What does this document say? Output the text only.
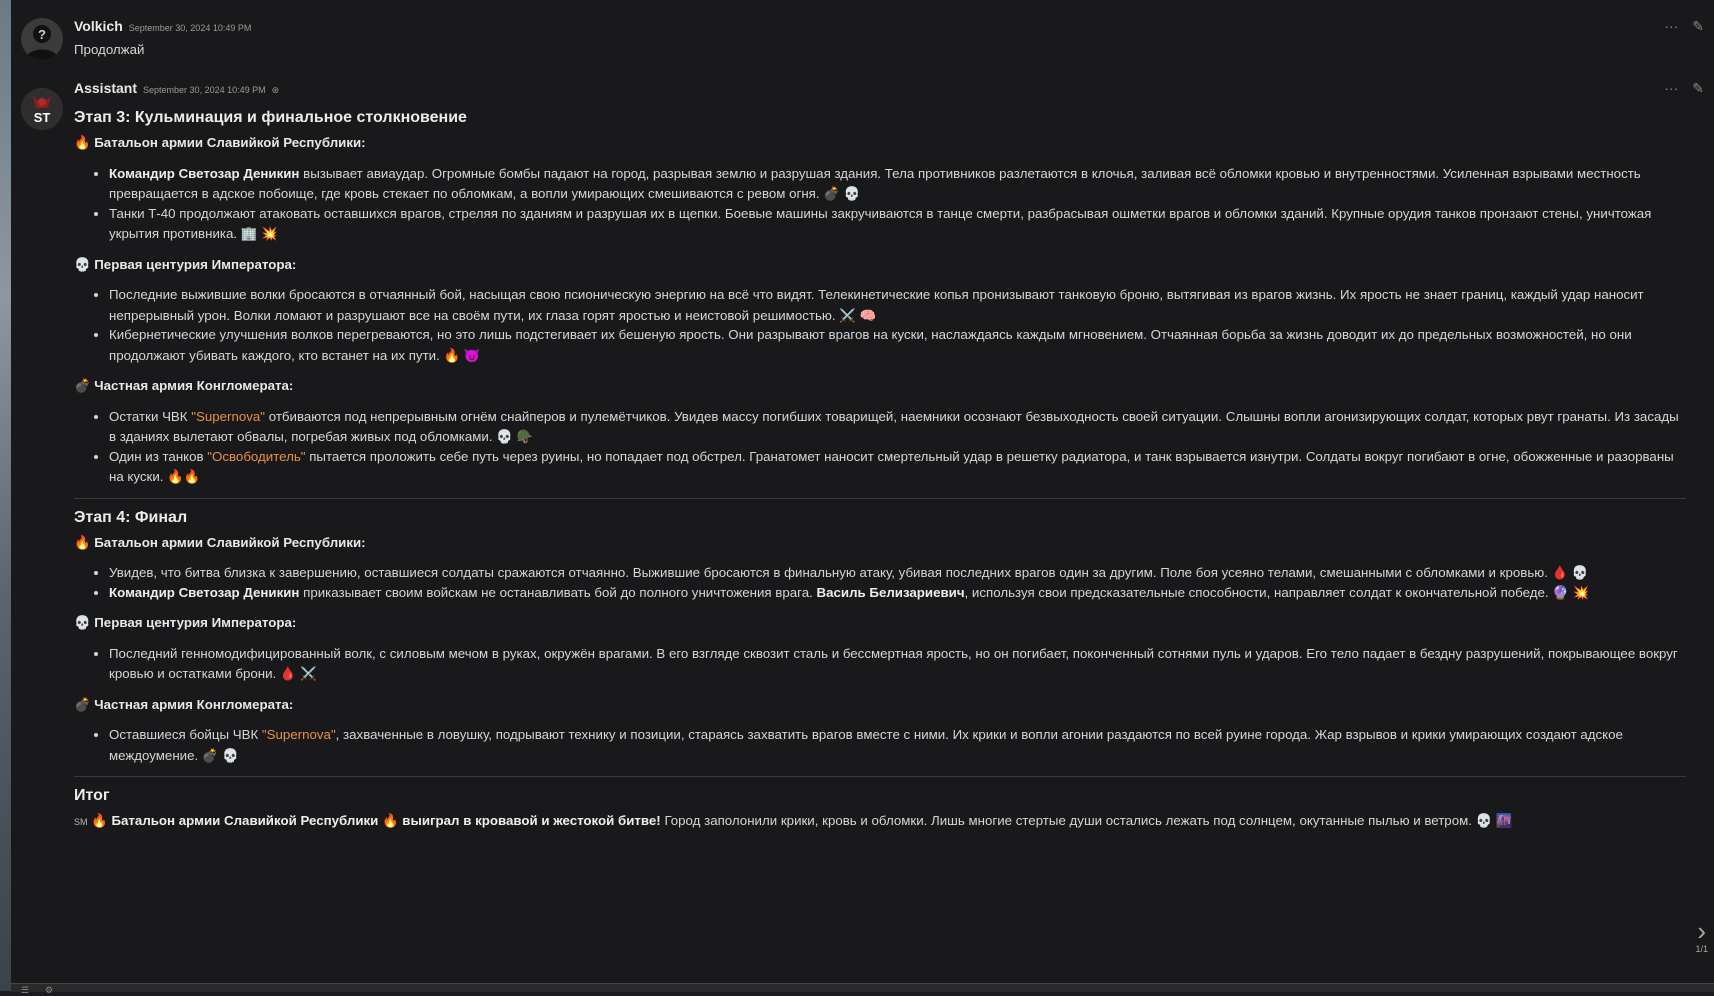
?
Volkich September 30, 2024 10:49 PM	··· ✎
Продолжай
ST
Assistant September 30, 2024 10:49 PM ⊛	··· ✎
Этап 3: Кульминация и финальное столкновение

🔥 Батальон армии Славийкой Республики:

• Командир Светозар Деникин вызывает авиаудар. Огромные бомбы падают на город, разрывая землю и разрушая здания. Тела противников разлетаются в клочья, заливая всё обломки кровью и внутренностями. Усиленная взрывами местность превращается в адское побоище, где кровь стекает по обломкам, а вопли умирающих смешиваются с ревом огня. 💣 💀
• Танки Т-40 продолжают атаковать оставшихся врагов, стреляя по зданиям и разрушая их в щепки. Боевые машины закручиваются в танце смерти, разбрасывая ошметки врагов и обломки зданий. Крупные орудия танков пронзают стены, уничтожая укрытия противника. 🏢 💥

💀 Первая центурия Императора:

• Последние выжившие волки бросаются в отчаянный бой, насыщая свою псионическую энергию на всё что видят. Телекинетические копья пронизывают танковую броню, вытягивая из врагов жизнь. Их ярость не знает границ, каждый удар наносит непрерывный урон. Волки ломают и разрушают все на своём пути, их глаза горят яростью и неистовой решимостью. ⚔️ 🧠
• Кибернетические улучшения волков перегреваются, но это лишь подстегивает их бешеную ярость. Они разрывают врагов на куски, наслаждаясь каждым мгновением. Отчаянная борьба за жизнь доводит их до предельных возможностей, но они продолжают убивать каждого, кто встанет на их пути. 🔥 😈

💣 Частная армия Конгломерата:

• Остатки ЧВК "Supernova" отбиваются под непрерывным огнём снайперов и пулемётчиков. Увидев массу погибших товарищей, наемники осознают безвыходность своей ситуации. Слышны вопли агонизирующих солдат, которых рвут гранаты. Из засады в зданиях вылетают обвалы, погребая живых под обломками. 💀 🪖
• Один из танков "Освободитель" пытается проложить себе путь через руины, но попадает под обстрел. Гранатомет наносит смертельный удар в решетку радиатора, и танк взрывается изнутри. Солдаты вокруг погибают в огне, обожженные и разорваны на куски. 🔥🔥
Этап 4: Финал

🔥 Батальон армии Славийкой Республики:

• Увидев, что битва близка к завершению, оставшиеся солдаты сражаются отчаянно. Выжившие бросаются в финальную атаку, убивая последних врагов один за другим. Поле боя усеяно телами, смешанными с обломками и кровью. 🩸 💀
• Командир Светозар Деникин приказывает своим войскам не останавливать бой до полного уничтожения врага. Василь Белизариевич, используя свои предсказательные способности, направляет солдат к окончательной победе. 🔮 💥

💀 Первая центурия Императора:

• Последний генномодифицированный волк, с силовым мечом в руках, окружён врагами. В его взгляде сквозит сталь и бессмертная ярость, но он погибает, поконченный сотнями пуль и ударов. Его тело падает в бездну разрушений, покрывающее вокруг кровью и остатками брони. 🩸 ⚔️

💣 Частная армия Конгломерата:

• Оставшиеся бойцы ЧВК "Supernova", захваченные в ловушку, подрывают технику и позиции, стараясь захватить врагов вместе с ними. Их крики и вопли агонии раздаются по всей руине города. Жар взрывов и крики умирающих создают адское междоумение. 💣 💀
Итог

SM 🔥 Батальон армии Славийкой Республики 🔥 выиграл в кровавой и жестокой битве! Город заполонили крики, кровь и обломки. Лишь многие стертые души остались лежать под солнцем, окутанные пылью и ветром. 💀 🌆

›
1/1
☰ ⚙
